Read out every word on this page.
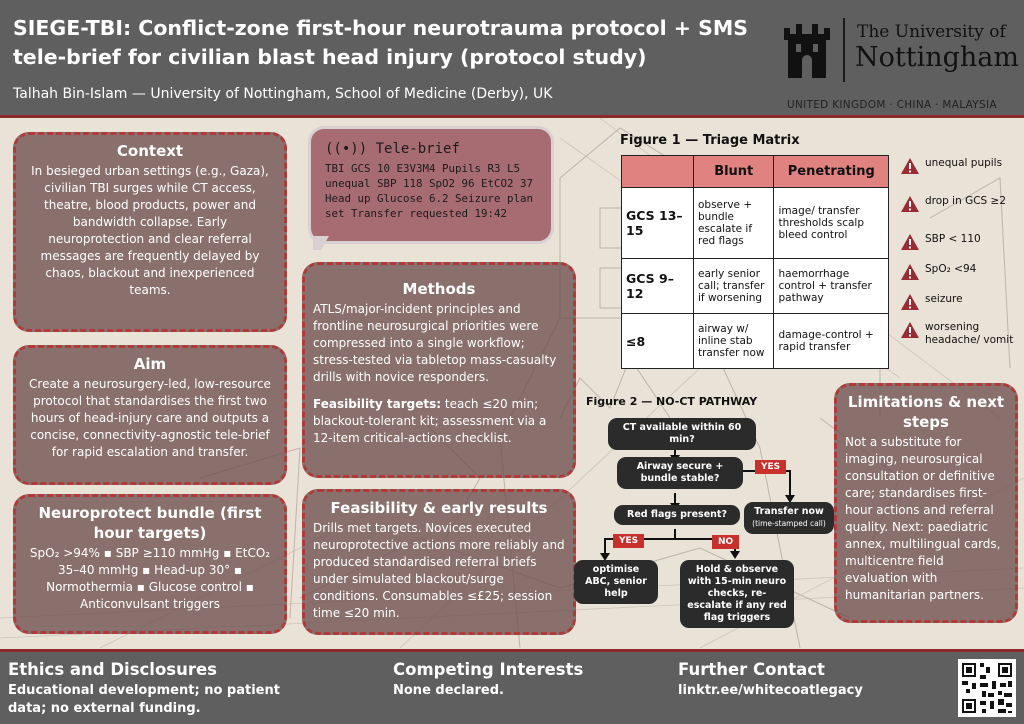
SIEGE-TBI: Conflict-zone first-hour neurotrauma protocol + SMS tele-brief for civilian blast head injury (protocol study)
Talhah Bin-Islam — University of Nottingham, School of Medicine (Derby), UK
The University of
Nottingham
UNITED KINGDOM · CHINA · MALAYSIA
Context

In besieged urban settings (e.g., Gaza), civilian TBI surges while CT access, theatre, blood products, power and bandwidth collapse. Early neuroprotection and clear referral messages are frequently delayed by chaos, blackout and inexperienced teams.

Aim

Create a neurosurgery-led, low-resource protocol that standardises the first two hours of head-injury care and outputs a concise, connectivity-agnostic tele-brief for rapid escalation and transfer.

Neuroprotect bundle (first hour targets)

SpO₂ >94% ▪ SBP ≥110 mmHg ▪ EtCO₂ 35–40 mmHg ▪ Head-up 30° ▪ Normothermia ▪ Glucose control ▪ Anticonvulsant triggers

((•)) Tele-brief

TBI GCS 10 E3V3M4 Pupils R3 L5 unequal SBP 118 SpO2 96 EtCO2 37 Head up Glucose 6.2 Seizure plan set Transfer requested 19:42

Methods

ATLS/major-incident principles and frontline neurosurgical priorities were compressed into a single workflow; stress-tested via tabletop mass-casualty drills with novice responders.

Feasibility targets: teach ≤20 min; blackout-tolerant kit; assessment via a 12-item critical-actions checklist.

Feasibility & early results

Drills met targets. Novices executed neuroprotective actions more reliably and produced standardised referral briefs under simulated blackout/surge conditions. Consumables ≤£25; session time ≤20 min.

Figure 1 — Triage Matrix
	Blunt	Penetrating
GCS 13–15	observe + bundle escalate if red flags	image/ transfer thresholds scalp bleed control
GCS 9–12	early senior call; transfer if worsening	haemorrhage control + transfer pathway
≤8	airway w/ inline stab transfer now	damage-control + rapid transfer
unequal pupils
drop in GCS ≥2
SBP < 110
SpO₂ <94
seizure
worsening headache/ vomit
Figure 2 — NO-CT PATHWAY
CT available within 60 min?
Airway secure + bundle stable?
YES
Red flags present?	Transfer now
(time-stamped call)
YES	NO
optimise ABC, senior help
Hold & observe with 15-min neuro checks, re-escalate if any red flag triggers
Limitations & next steps

Not a substitute for imaging, neurosurgical consultation or definitive care; standardises first-hour actions and referral quality. Next: paediatric annex, multilingual cards, multicentre field evaluation with humanitarian partners.

Ethics and Disclosures

Educational development; no patient data; no external funding.

Competing Interests

None declared.

Further Contact

linktr.ee/whitecoatlegacy
